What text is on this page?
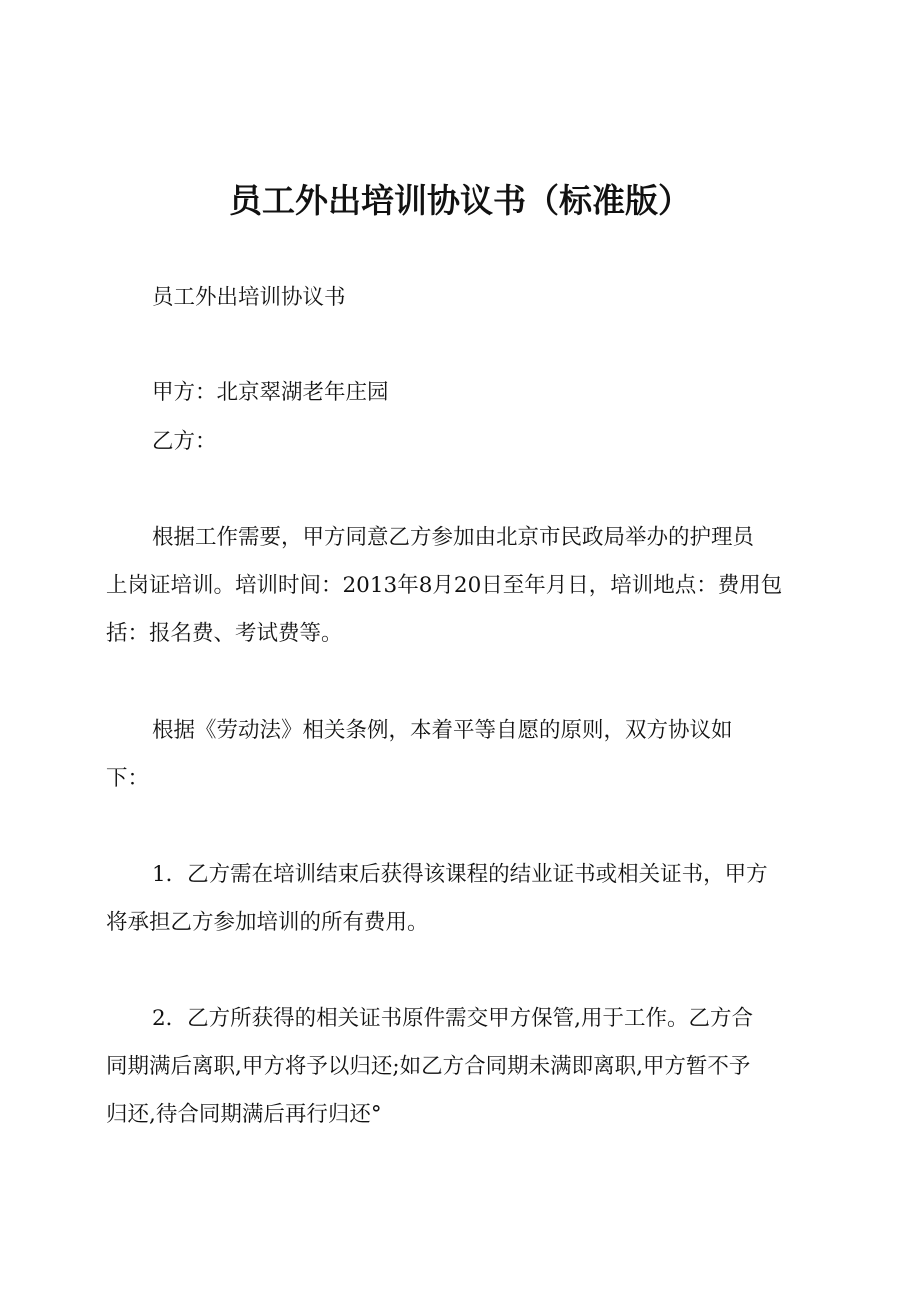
员工外出培训协议书（标准版）
员工外出培训协议书
甲方：北京翠湖老年庄园
乙方：
根据工作需要，甲方同意乙方参加由北京市民政局举办的护理员
上岗证培训。培训时间：2013年8月20日至年月日，培训地点：费用包
括：报名费、考试费等。
根据《劳动法》相关条例，本着平等自愿的原则，双方协议如
下：
1．乙方需在培训结束后获得该课程的结业证书或相关证书，甲方
将承担乙方参加培训的所有费用。
2．乙方所获得的相关证书原件需交甲方保管,用于工作。乙方合
同期满后离职,甲方将予以归还;如乙方合同期未满即离职,甲方暂不予
归还,待合同期满后再行归还°
